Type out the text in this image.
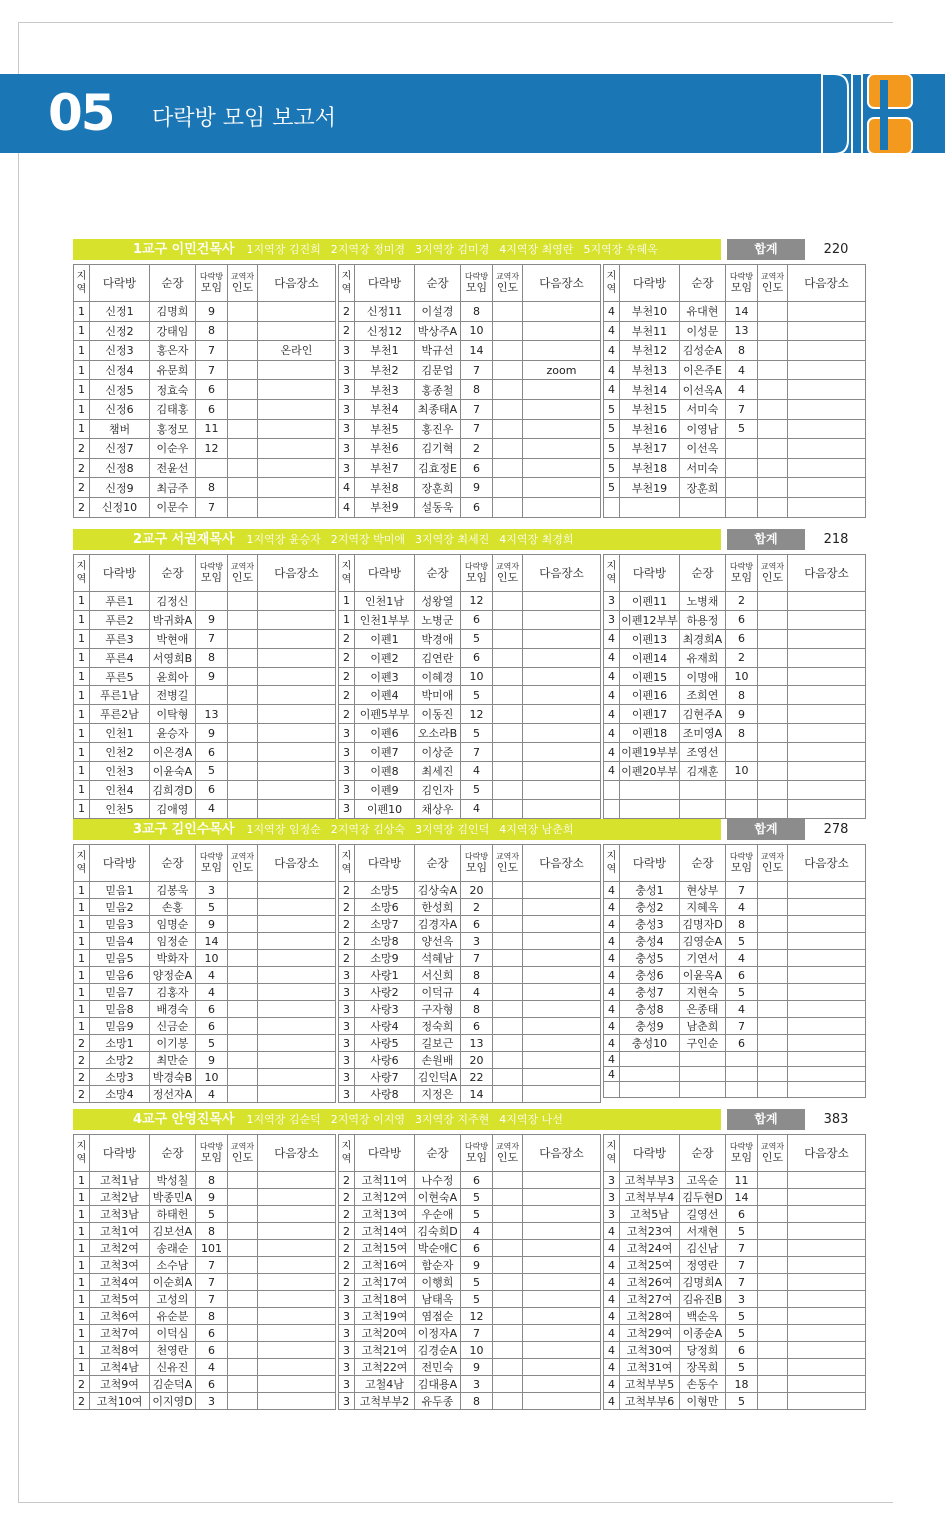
05 다락방 모임 보고서
1교구 이민건목사 1지역장 김진희 2지역장 정미경 3지역장 김미경 4지역장 최영란 5지역장 우혜옥	합계	220
지역	다락방	순장	다락방
모임	교역자
인도	다음장소
1	신정1	김명희	9		
1	신정2	강태임	8		
1	신정3	홍은자	7		온라인
1	신정4	유문희	7		
1	신정5	정효숙	6		
1	신정6	김태홍	6		
1	챔버	홍정모	11		
2	신정7	이순우	12		
2	신정8	전윤선			
2	신정9	최금주	8		
2	신정10	이문수	7		
지역	다락방	순장	다락방
모임	교역자
인도	다음장소
2	신정11	이설경	8		
2	신정12	박상주A	10		
3	부천1	박규선	14		
3	부천2	김문업	7		zoom
3	부천3	홍종철	8		
3	부천4	최종태A	7		
3	부천5	홍진우	7		
3	부천6	김기혁	2		
3	부천7	김효정E	6		
4	부천8	장훈희	9		
4	부천9	설동욱	6		
지역	다락방	순장	다락방
모임	교역자
인도	다음장소
4	부천10	유대현	14		
4	부천11	이성문	13		
4	부천12	김성순A	8		
4	부천13	이은주E	4		
4	부천14	이선옥A	4		
5	부천15	서미숙	7		
5	부천16	이영남	5		
5	부천17	이선옥			
5	부천18	서미숙			
5	부천19	장훈희			

2교구 서권재목사 1지역장 윤승자 2지역장 박미애 3지역장 최세진 4지역장 최경희	합계	218
지역	다락방	순장	다락방
모임	교역자
인도	다음장소
1	푸른1	김정신			
1	푸른2	박귀화A	9		
1	푸른3	박현애	7		
1	푸른4	서영희B	8		
1	푸른5	윤희아	9		
1	푸른1남	전병길			
1	푸른2남	이탁형	13		
1	인천1	윤승자	9		
1	인천2	이은경A	6		
1	인천3	이윤숙A	5		
1	인천4	김희경D	6		
1	인천5	김애영	4		
지역	다락방	순장	다락방
모임	교역자
인도	다음장소
1	인천1남	성왕열	12		
1	인천1부부	노병군	6		
2	이펜1	박경애	5		
2	이펜2	김연란	6		
2	이펜3	이혜경	10		
2	이펜4	박미애	5		
2	이펜5부부	이동진	12		
3	이펜6	오소라B	5		
3	이펜7	이상준	7		
3	이펜8	최세진	4		
3	이펜9	김인자	5		
3	이펜10	채상우	4		
지역	다락방	순장	다락방
모임	교역자
인도	다음장소
3	이펜11	노병채	2		
3	이펜12부부	하용정	6		
4	이펜13	최경희A	6		
4	이펜14	유재희	2		
4	이펜15	이명애	10		
4	이펜16	조희연	8		
4	이펜17	김현주A	9		
4	이펜18	조미영A	8		
4	이펜19부부	조영선			
4	이펜20부부	김재훈	10		

3교구 김인수목사 1지역장 임정순 2지역장 김상숙 3지역장 김인덕 4지역장 남춘희	합계	278
지역	다락방	순장	다락방
모임	교역자
인도	다음장소
1	믿음1	김봉욱	3		
1	믿음2	손홍	5		
1	믿음3	임명순	9		
1	믿음4	임정순	14		
1	믿음5	박화자	10		
1	믿음6	양정순A	4		
1	믿음7	김홍자	4		
1	믿음8	배경숙	6		
1	믿음9	신금순	6		
2	소망1	이기봉	5		
2	소망2	최만순	9		
2	소망3	박경숙B	10		
2	소망4	정선자A	4		
지역	다락방	순장	다락방
모임	교역자
인도	다음장소
2	소망5	김상숙A	20		
2	소망6	한성희	2		
2	소망7	김경자A	6		
2	소망8	양선옥	3		
2	소망9	석혜남	7		
3	사랑1	서신희	8		
3	사랑2	이덕규	4		
3	사랑3	구자형	8		
3	사랑4	정숙희	6		
3	사랑5	길보근	13		
3	사랑6	손원배	20		
3	사랑7	김인덕A	22		
3	사랑8	지정은	14		
지역	다락방	순장	다락방
모임	교역자
인도	다음장소
4	충성1	현상부	7		
4	충성2	지혜옥	4		
4	충성3	김명자D	8		
4	충성4	김영순A	5		
4	충성5	기연서	4		
4	충성6	이윤옥A	6		
4	충성7	지현숙	5		
4	충성8	은종태	4		
4	충성9	남춘희	7		
4	충성10	구인순	6		
4					
4					

4교구 안영진목사 1지역장 김순덕 2지역장 이지영 3지역장 지주현 4지역장 나선	합계	383
지역	다락방	순장	다락방
모임	교역자
인도	다음장소
1	고척1남	박성칠	8		
1	고척2남	박종민A	9		
1	고척3남	하태헌	5		
1	고척1여	김보선A	8		
1	고척2여	송래순	101		
1	고척3여	소수남	7		
1	고척4여	이순희A	7		
1	고척5여	고성의	7		
1	고척6여	유순분	8		
1	고척7여	이덕심	6		
1	고척8여	천영란	6		
1	고척4남	신유진	4		
2	고척9여	김순덕A	6		
2	고척10여	이지영D	3		
지역	다락방	순장	다락방
모임	교역자
인도	다음장소
2	고척11여	나수정	6		
2	고척12여	이현숙A	5		
2	고척13여	우순애	5		
2	고척14여	김숙희D	4		
2	고척15여	박순애C	6		
2	고척16여	함순자	9		
2	고척17여	이행희	5		
3	고척18여	남태옥	5		
3	고척19여	염점순	12		
3	고척20여	이정자A	7		
3	고척21여	김경순A	10		
3	고척22여	전민숙	9		
3	고철4남	김대용A	3		
3	고척부부2	유두종	8		
지역	다락방	순장	다락방
모임	교역자
인도	다음장소
3	고척부부3	고옥순	11		
3	고척부부4	김두현D	14		
3	고척5남	길영선	6		
4	고척23여	서재현	5		
4	고척24여	김신남	7		
4	고척25여	정영란	7		
4	고척26여	김명희A	7		
4	고척27여	김유진B	3		
4	고척28여	백순옥	5		
4	고척29여	이종순A	5		
4	고척30여	당정희	6		
4	고척31여	장목희	5		
4	고척부부5	손동수	18		
4	고척부부6	이형만	5		
